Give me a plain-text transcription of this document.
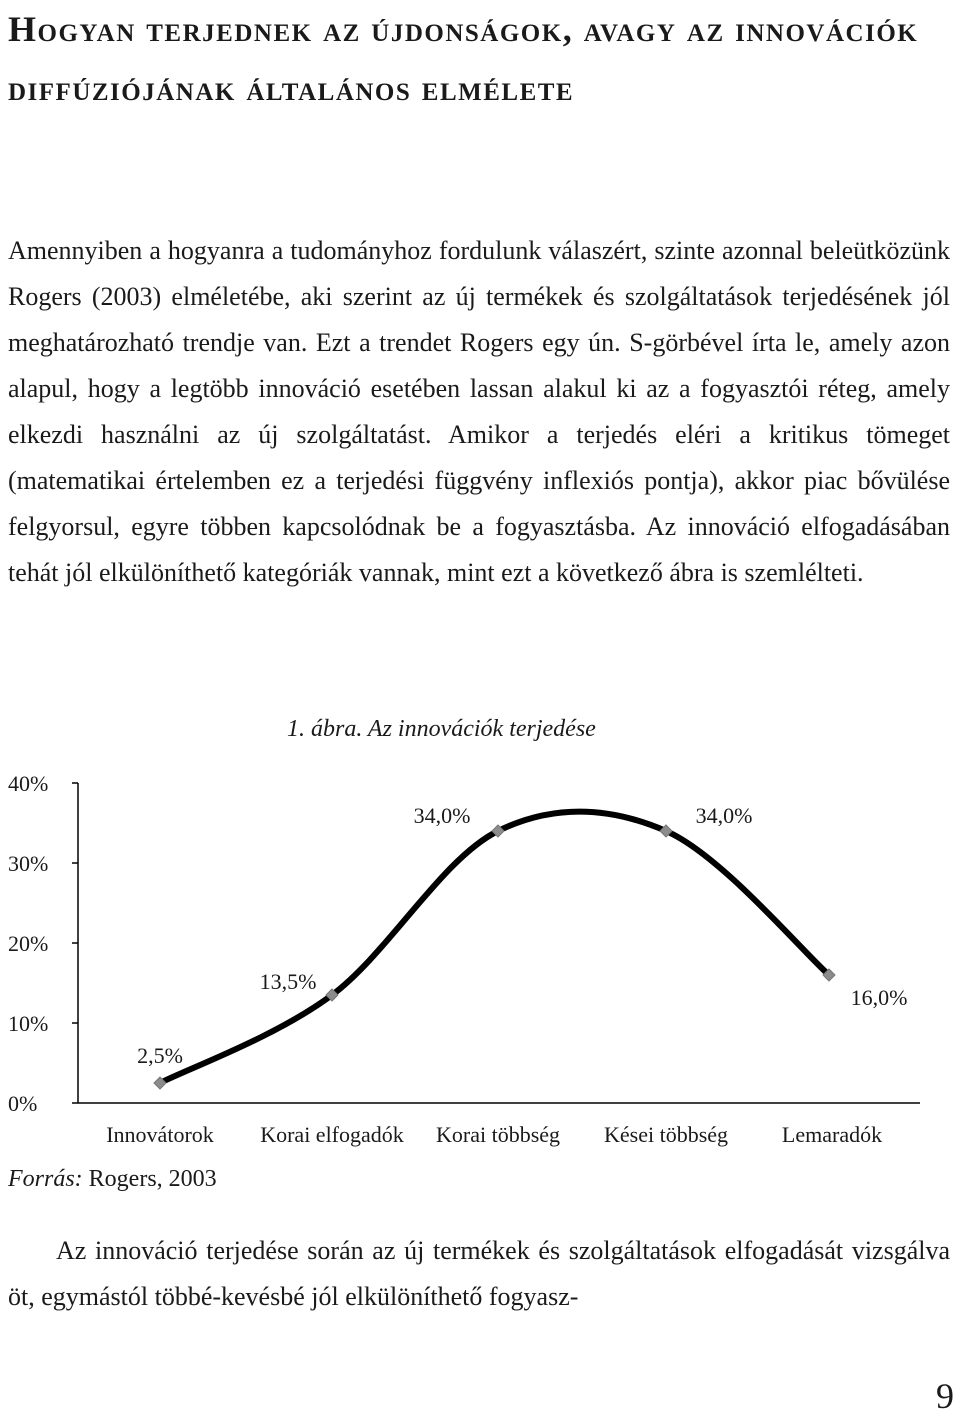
Hogyan terjednek az újdonságok, avagy az innovációk diffúziójának általános elmélete

Amennyiben a hogyanra a tudományhoz fordulunk válaszért, szinte azonnal beleütközünk Rogers (2003) elméletébe, aki szerint az új termékek és szolgáltatások terjedésének jól meghatározható trendje van. Ezt a trendet Rogers egy ún. S-görbével írta le, amely azon alapul, hogy a legtöbb innováció esetében lassan alakul ki az a fogyasztói réteg, amely elkezdi használni az új szolgáltatást. Amikor a terjedés eléri a kritikus tömeget (matematikai értelemben ez a terjedési függvény inflexiós pontja), akkor piac bővülése felgyorsul, egyre többen kapcsolódnak be a fogyasztásba. Az innováció elfogadásában tehát jól elkülöníthető kategóriák vannak, mint ezt a következő ábra is szemlélteti.

1. ábra. Az innovációk terjedése

0%
10%
20%
30%
40%
2,5%
13,5%
34,0%	34,0%
16,0%
Innovátorok Korai elfogadók Korai többség Kései többség Lemaradók

Forrás: Rogers, 2003

Az innováció terjedése során az új termékek és szolgáltatások elfogadását vizsgálva öt, egymástól többé-kevésbé jól elkülöníthető fogyasz-

9
